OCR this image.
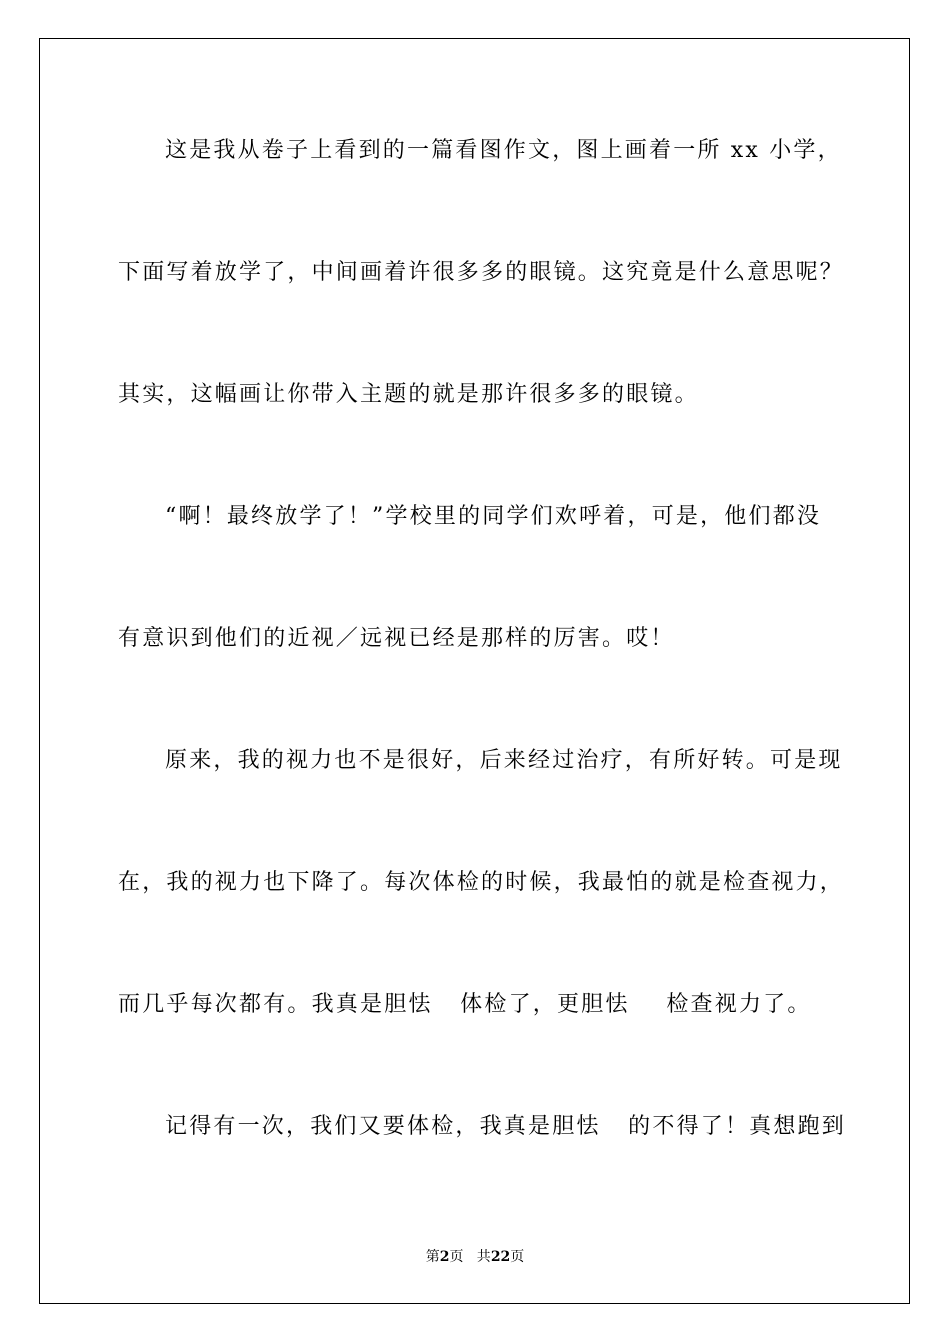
这是我从卷子上看到的一篇看图作文，图上画着一所 xx 小学，
下面写着放学了，中间画着许很多多的眼镜。这究竟是什么意思呢？
其实，这幅画让你带入主题的就是那许很多多的眼镜。
“啊！最终放学了！”学校里的同学们欢呼着，可是，他们都没
有意识到他们的近视／远视已经是那样的厉害。哎！
原来，我的视力也不是很好，后来经过治疗，有所好转。可是现
在，我的视力也下降了。每次体检的时候，我最怕的就是检查视力，
而几乎每次都有。我真是胆怯   体检了，更胆怯    检查视力了。
记得有一次，我们又要体检，我真是胆怯   的不得了！真想跑到
第2页   共22页
